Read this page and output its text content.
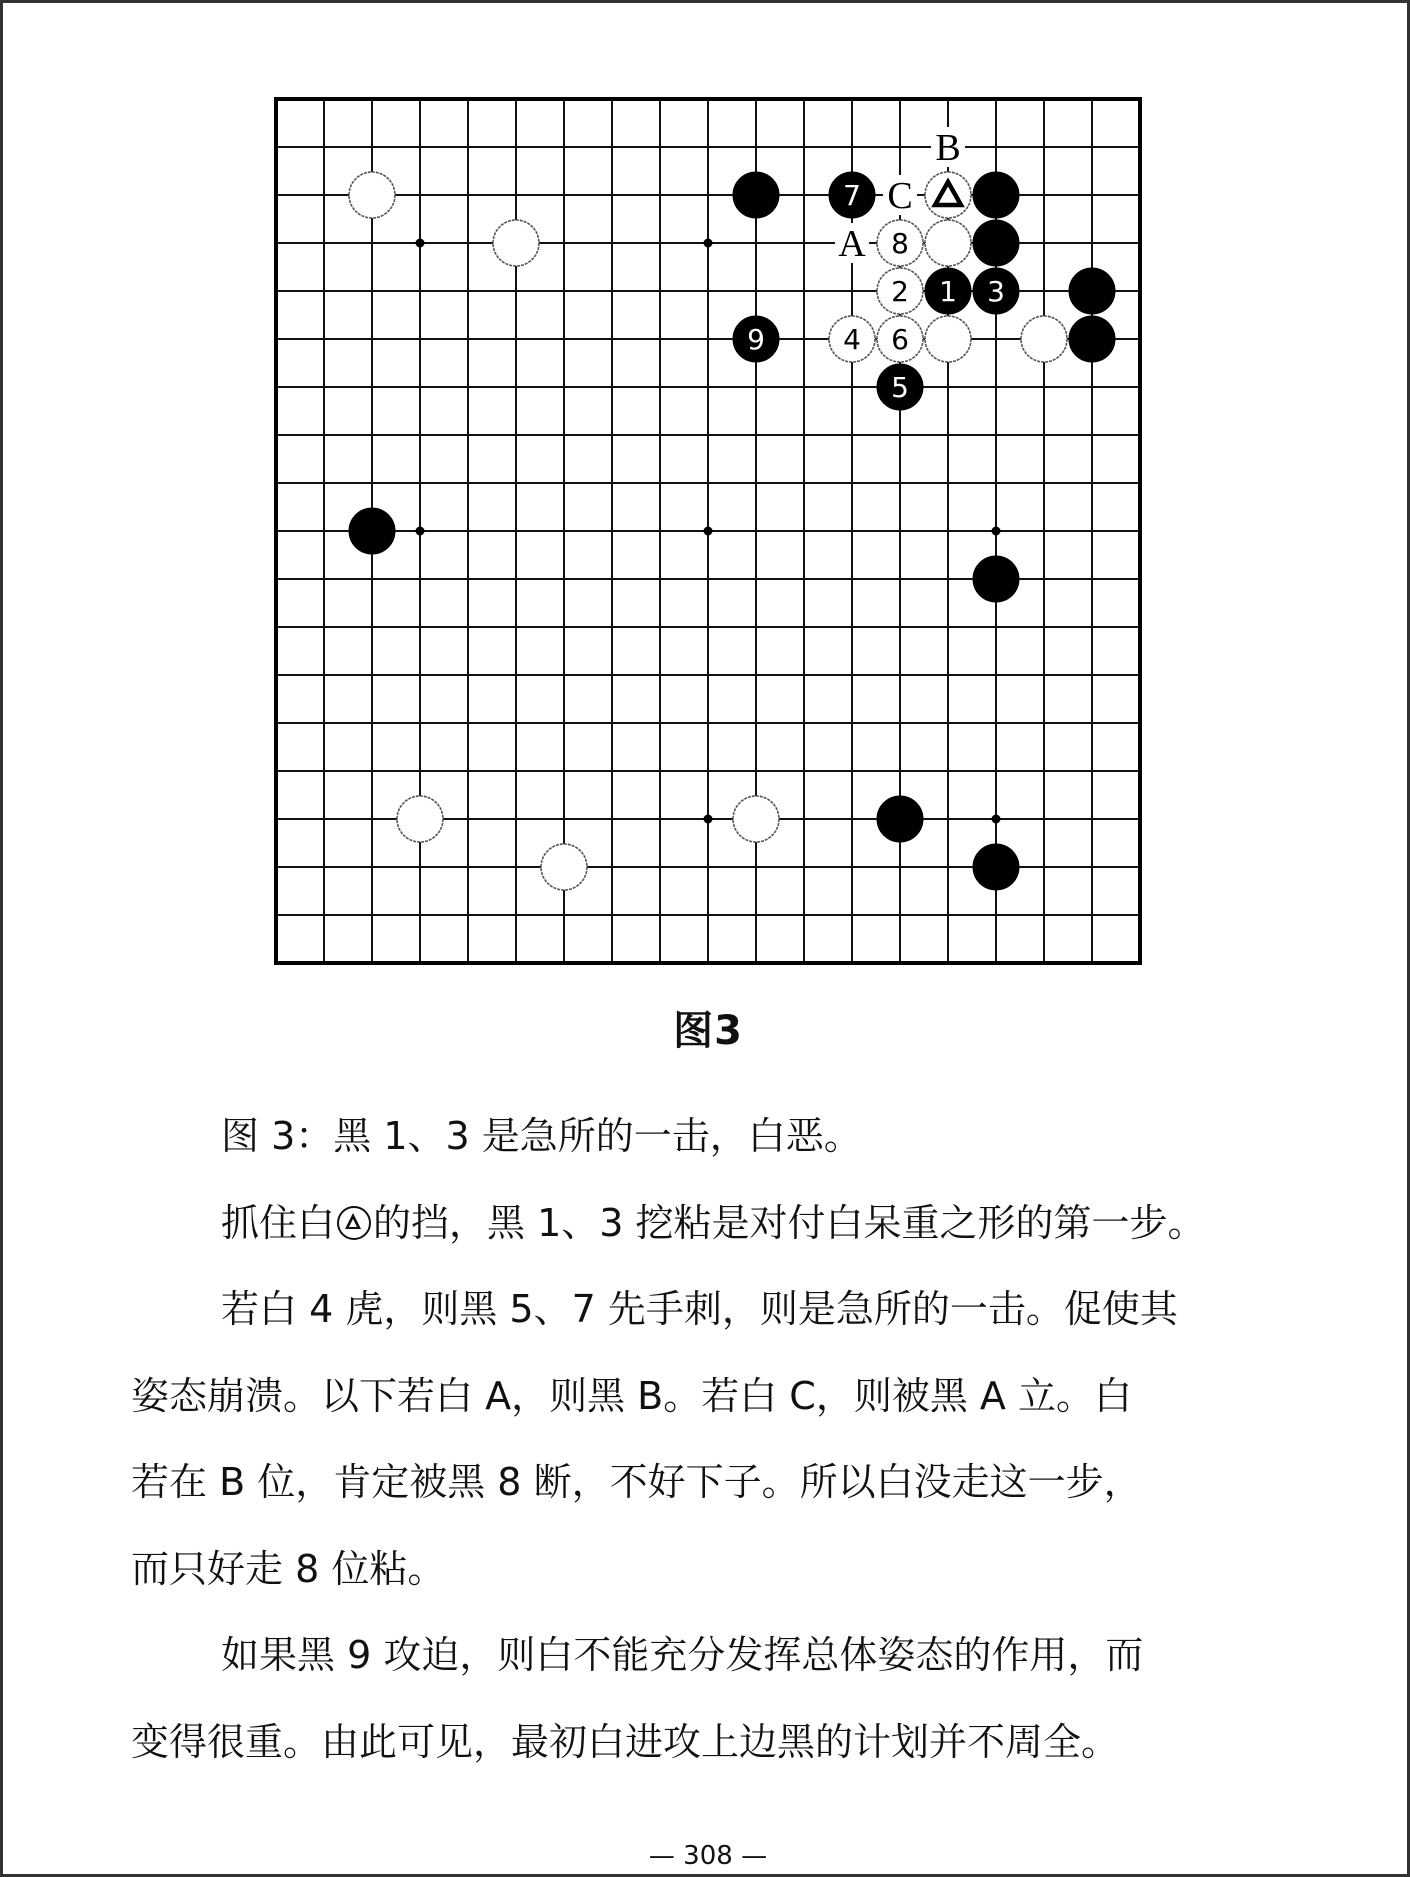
B
C
A
7
8
2 1 3
9	4 6
5
图3

图 3：黑 1、3 是急所的一击，白恶。

抓住白 的挡，黑 1、3 挖粘是对付白呆重之形的第一步。

若白 4 虎，则黑 5、7 先手刺，则是急所的一击。促使其
姿态崩溃。以下若白 A，则黑 B。若白 C，则被黑 A 立。白
若在 B 位，肯定被黑 8 断，不好下子。所以白没走这一步，
而只好走 8 位粘。

如果黑 9 攻迫，则白不能充分发挥总体姿态的作用，而
变得很重。由此可见，最初白进攻上边黑的计划并不周全。

— 308 —
